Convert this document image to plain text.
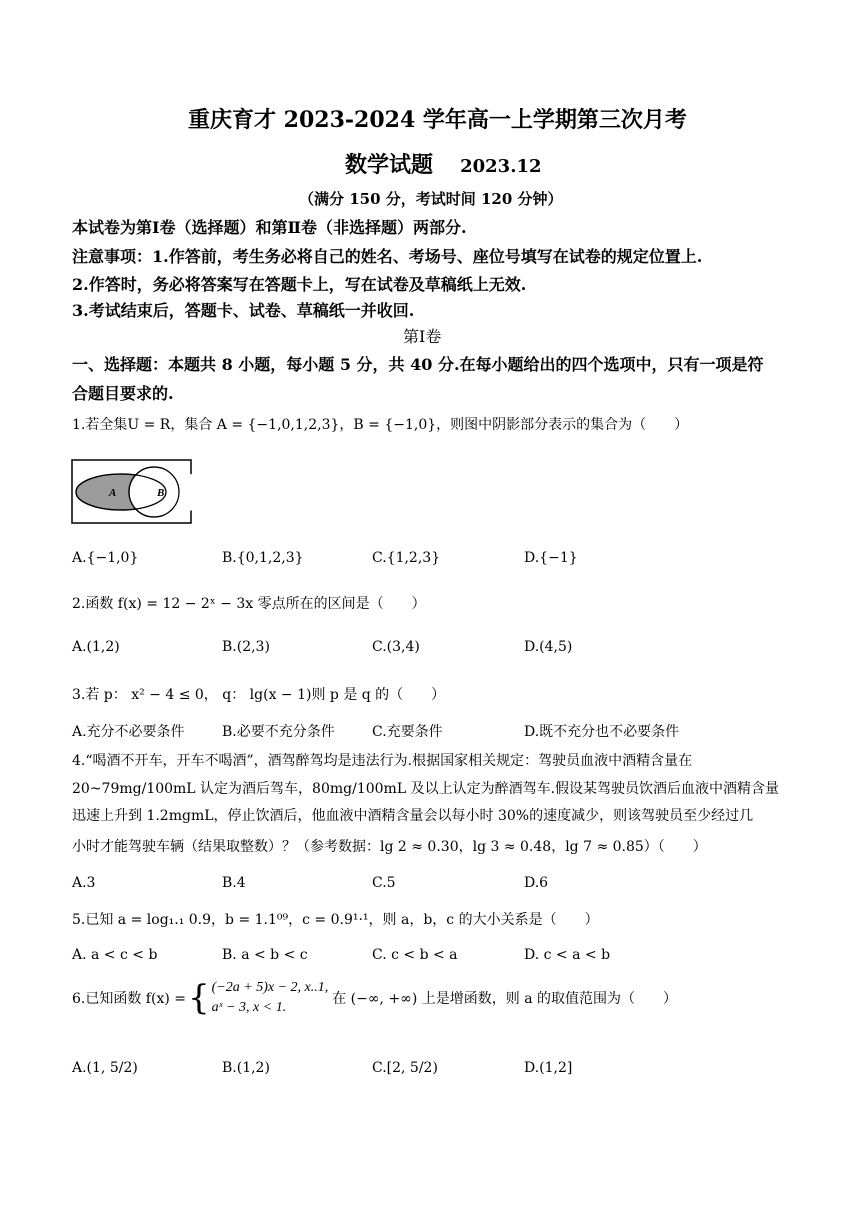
重庆育才 2023-2024 学年高一上学期第三次月考
数学试题 2023.12
（满分 150 分，考试时间 120 分钟）
本试卷为第Ⅰ卷（选择题）和第Ⅱ卷（非选择题）两部分.
注意事项：1.作答前，考生务必将自己的姓名、考场号、座位号填写在试卷的规定位置上.
2.作答时，务必将答案写在答题卡上，写在试卷及草稿纸上无效.
3.考试结束后，答题卡、试卷、草稿纸一并收回.
第Ⅰ卷
一、选择题：本题共 8 小题，每小题 5 分，共 40 分.在每小题给出的四个选项中，只有一项是符
合题目要求的.
1.若全集U = R，集合 A = {−1,0,1,2,3}，B = {−1,0}，则图中阴影部分表示的集合为（　　）
A	B
A.{−1,0}	B.{0,1,2,3}	C.{1,2,3}	D.{−1}
2.函数 f(x) = 12 − 2ˣ − 3x 零点所在的区间是（　　）
A.(1,2)	B.(2,3)	C.(3,4)	D.(4,5)
3.若 p： x² − 4 ≤ 0， q： lg(x − 1)则 p 是 q 的（　　）
A.充分不必要条件	B.必要不充分条件	C.充要条件	D.既不充分也不必要条件
4.“喝酒不开车，开车不喝酒”，酒驾醉驾均是违法行为.根据国家相关规定：驾驶员血液中酒精含量在
20~79mg/100mL 认定为酒后驾车，80mg/100mL 及以上认定为醉酒驾车.假设某驾驶员饮酒后血液中酒精含量
迅速上升到 1.2mgmL，停止饮酒后，他血液中酒精含量会以每小时 30%的速度减少，则该驾驶员至少经过几
小时才能驾驶车辆（结果取整数）？（参考数据：lg 2 ≈ 0.30，lg 3 ≈ 0.48，lg 7 ≈ 0.85）（　　）
A.3	B.4	C.5	D.6
5.已知 a = log₁.₁ 0.9，b = 1.1⁰⁹，c = 0.9¹·¹，则 a，b，c 的大小关系是（　　）
A. a < c < b	B. a < b < c	C. c < b < a	D. c < a < b
6.已知函数 f(x) = { (−2a + 5)x − 2, x..1,
aˣ − 3, x < 1.
在 (−∞, +∞) 上是增函数，则 a 的取值范围为（　　）
A.(1, 5/2)	B.(1,2)	C.[2, 5/2)	D.(1,2]
